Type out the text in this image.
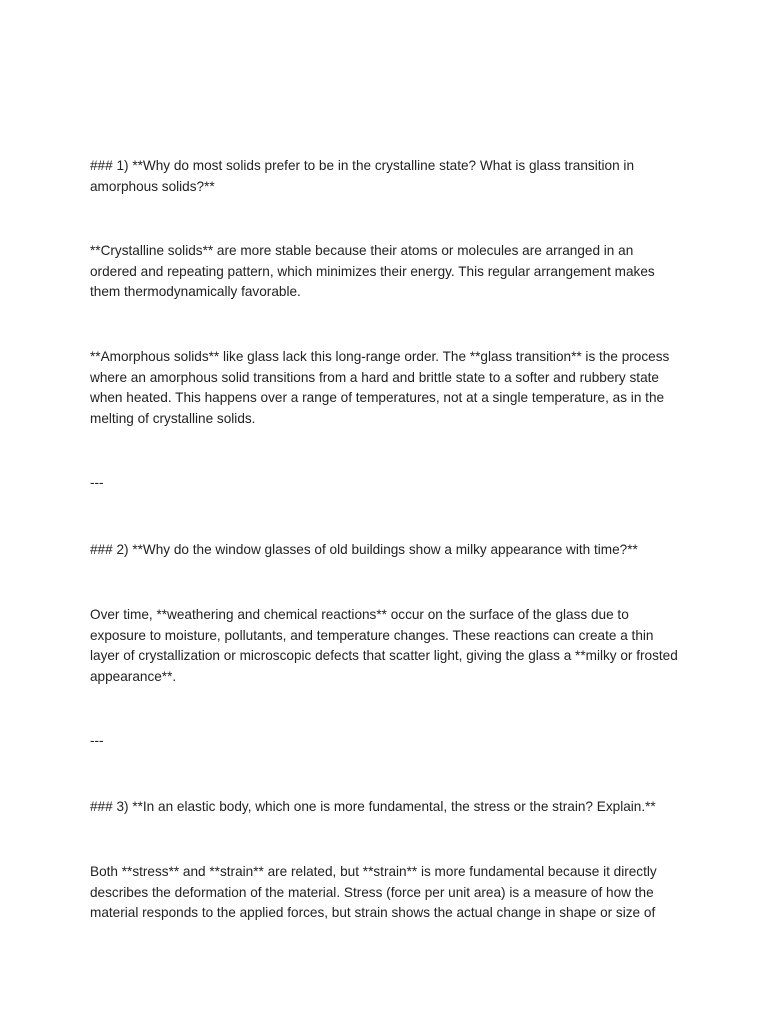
### 1) **Why do most solids prefer to be in the crystalline state? What is glass transition in amorphous solids?**

**Crystalline solids** are more stable because their atoms or molecules are arranged in an ordered and repeating pattern, which minimizes their energy. This regular arrangement makes them thermodynamically favorable.

**Amorphous solids** like glass lack this long-range order. The **glass transition** is the process where an amorphous solid transitions from a hard and brittle state to a softer and rubbery state when heated. This happens over a range of temperatures, not at a single temperature, as in the melting of crystalline solids.

---

### 2) **Why do the window glasses of old buildings show a milky appearance with time?**

Over time, **weathering and chemical reactions** occur on the surface of the glass due to exposure to moisture, pollutants, and temperature changes. These reactions can create a thin layer of crystallization or microscopic defects that scatter light, giving the glass a **milky or frosted appearance**.

---

### 3) **In an elastic body, which one is more fundamental, the stress or the strain? Explain.**

Both **stress** and **strain** are related, but **strain** is more fundamental because it directly describes the deformation of the material. Stress (force per unit area) is a measure of how the material responds to the applied forces, but strain shows the actual change in shape or size of
